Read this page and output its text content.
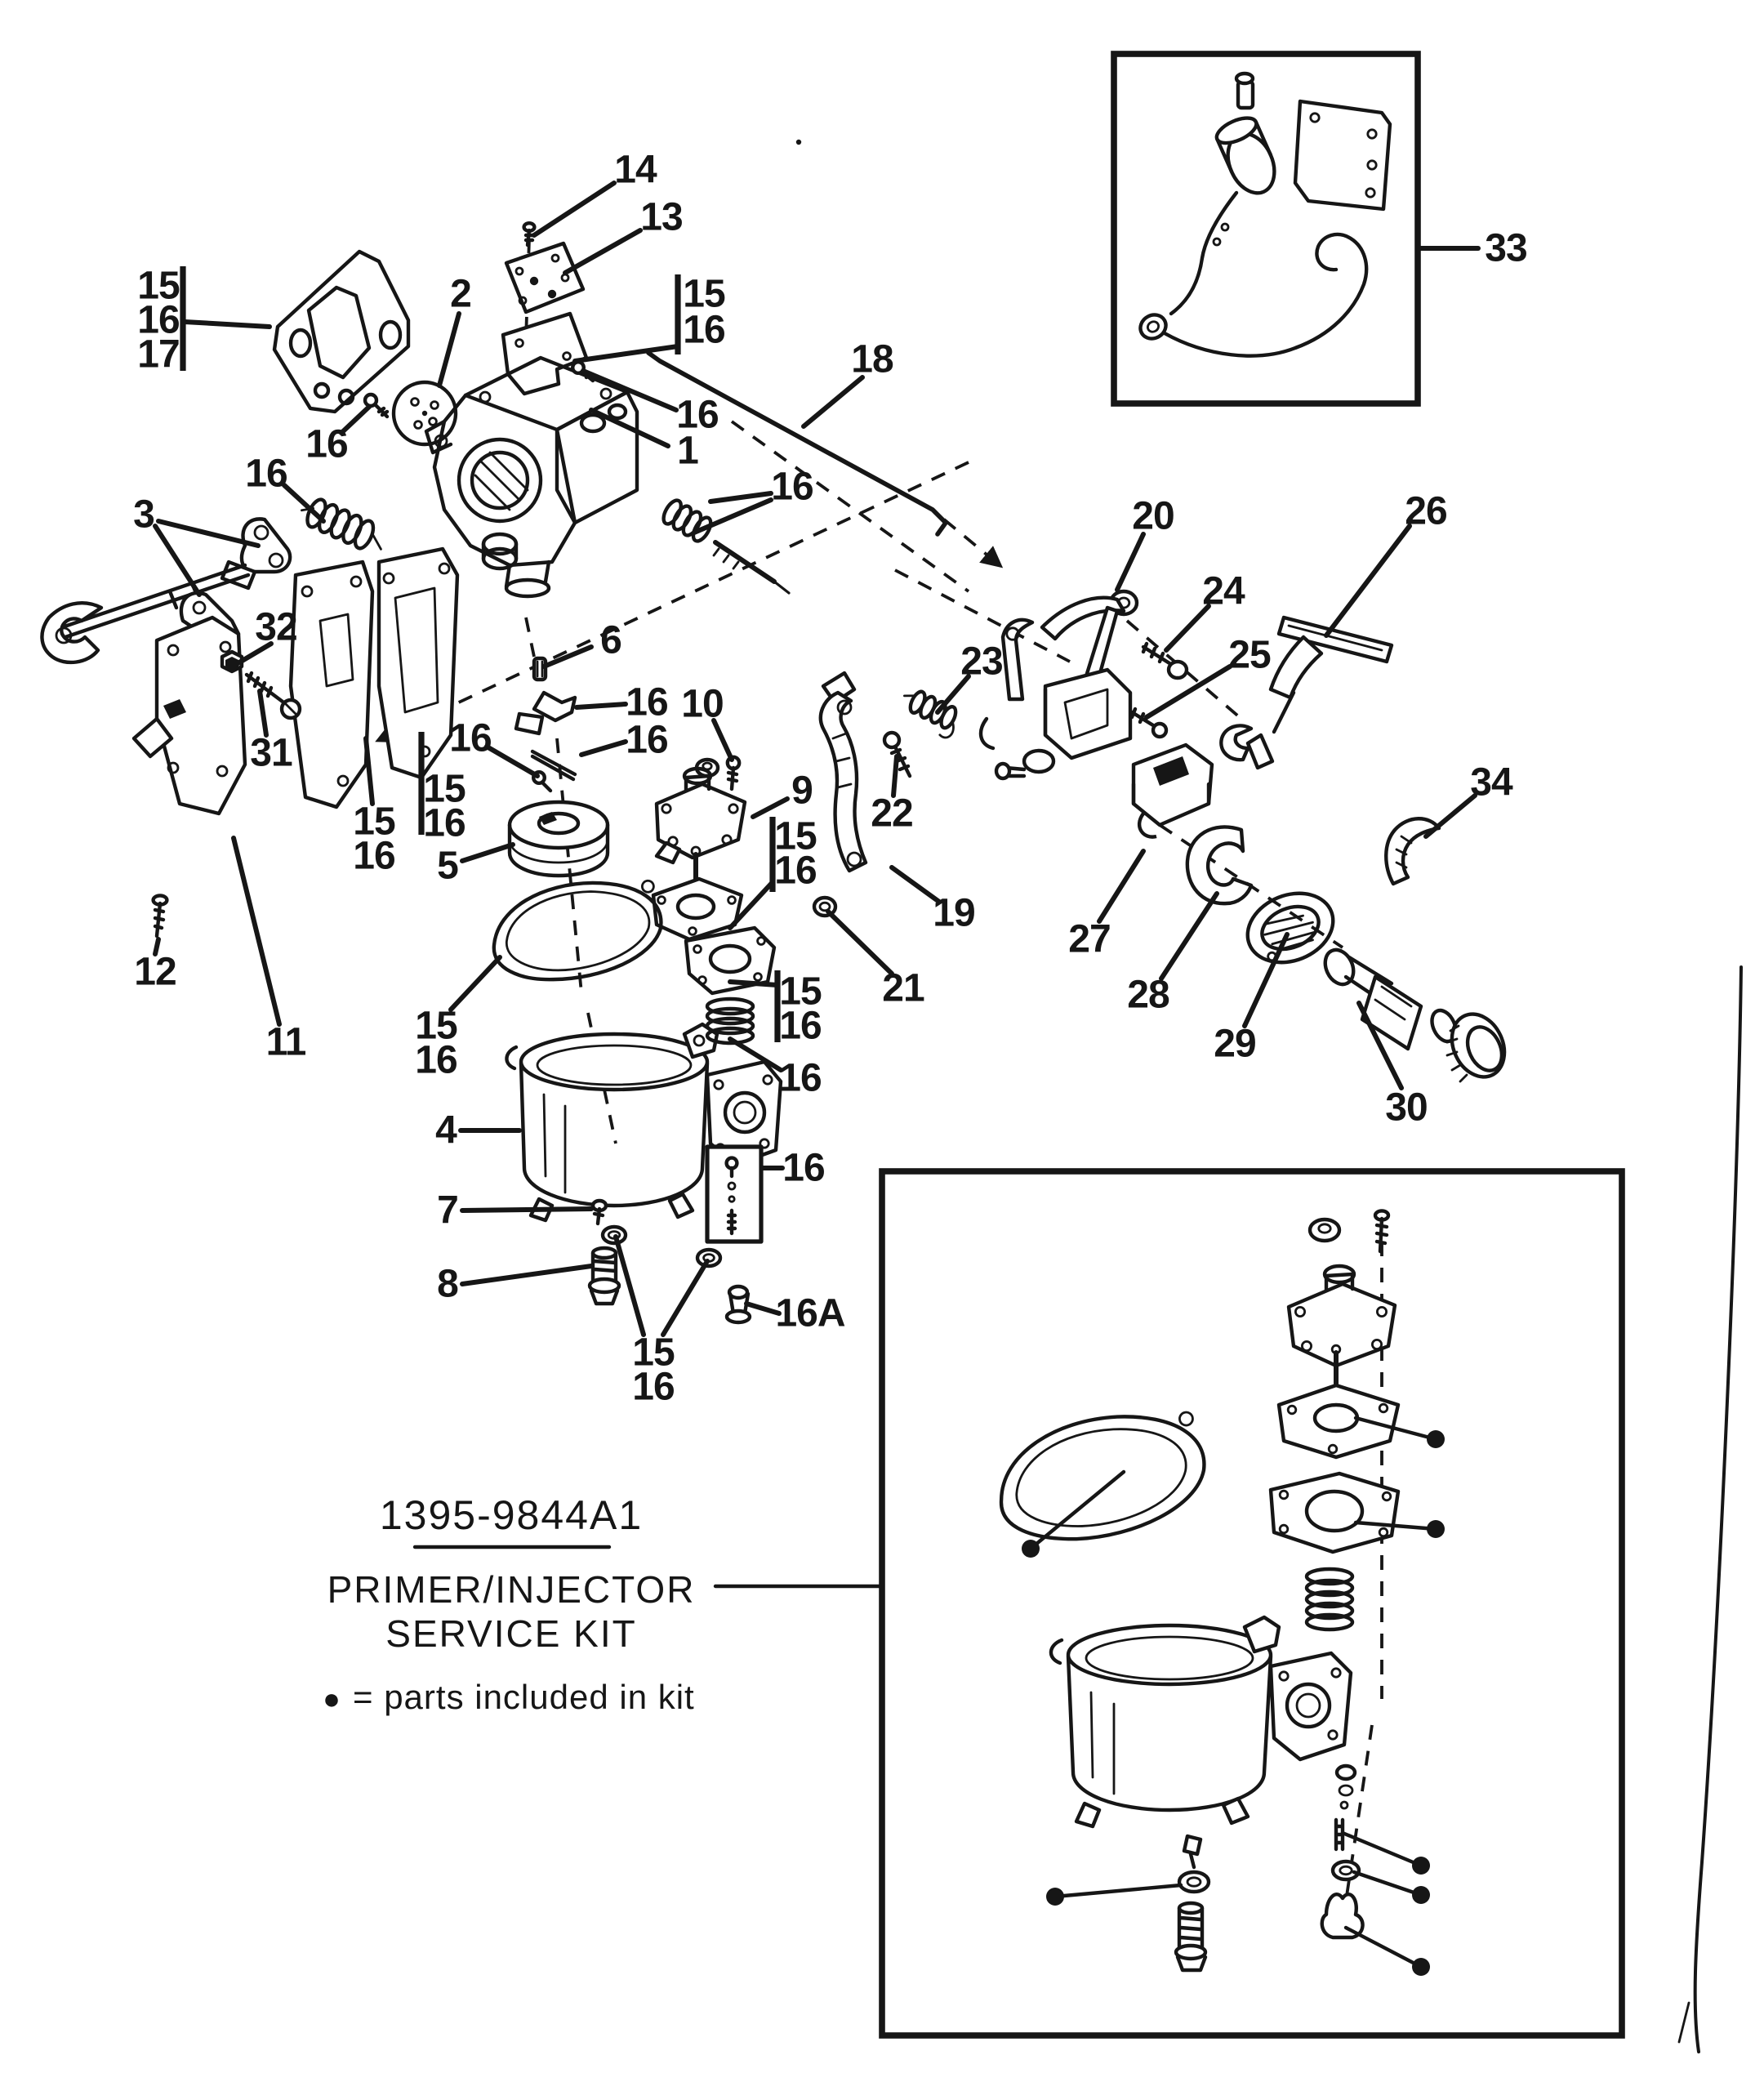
14
13
2
15
16
17
16
16
1
18
16
3
16
20	26
24
25
23
34
32
31
6
16
16
16
10
9
15
16
15
16
5
15
16
15
16
15
16
16
21
19
22
27
28
29
30
33
16
15
16
16A
4
7
8
11
12
15
16
1395-9844A1
PRIMER/INJECTOR
SERVICE KIT
● = parts included in kit
